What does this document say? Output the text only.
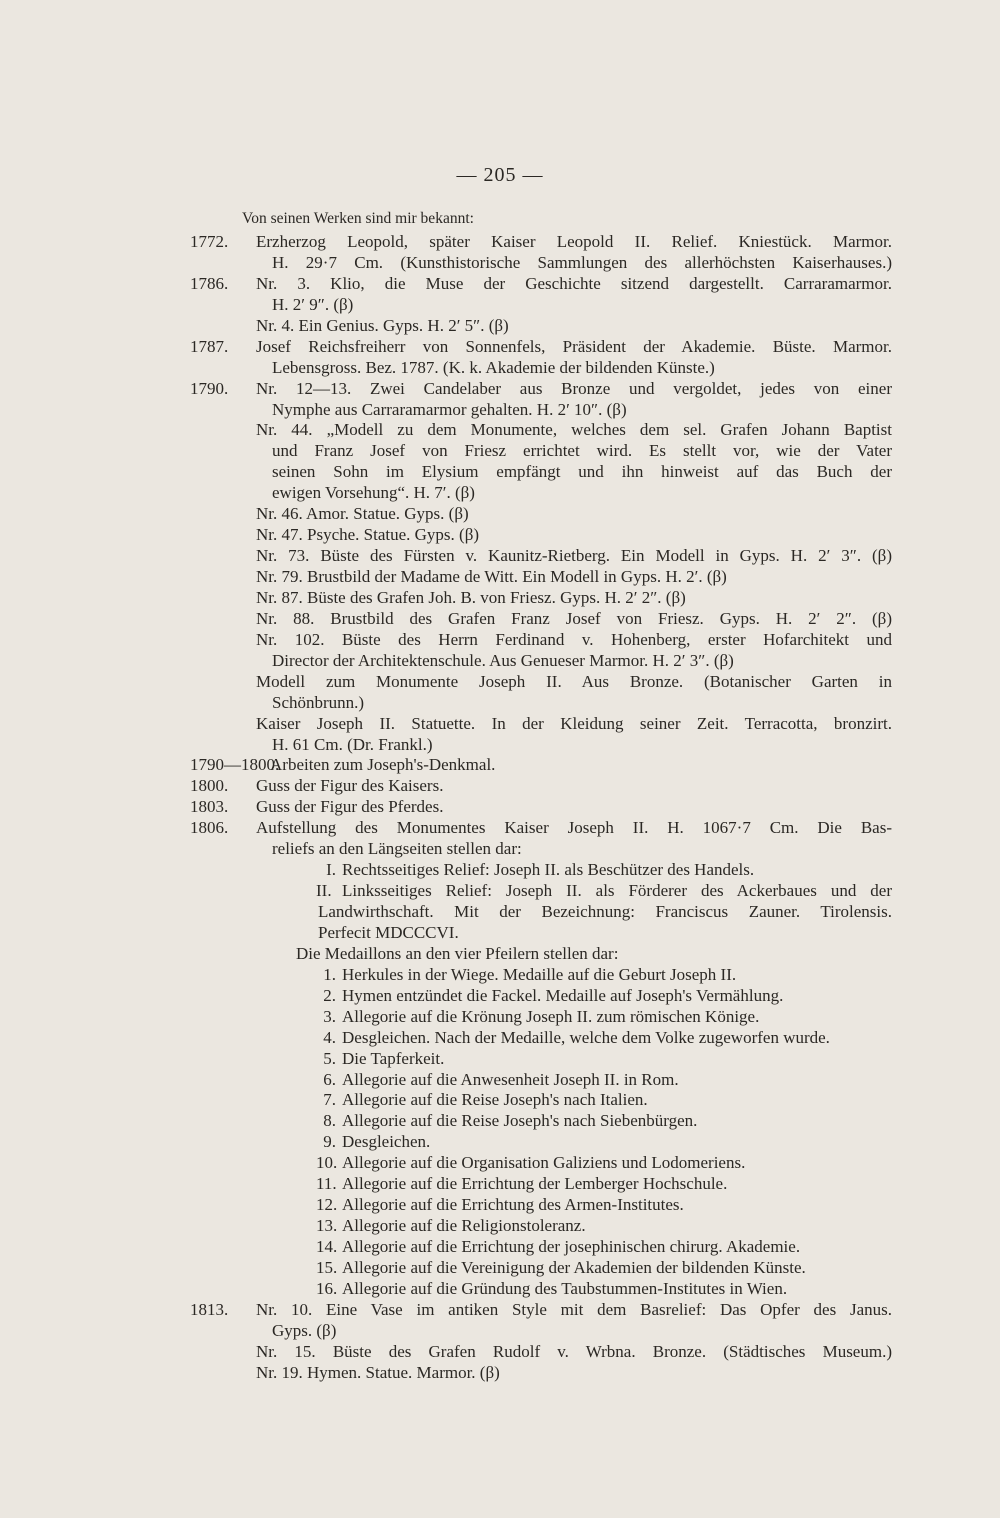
— 205 —
Von seinen Werken sind mir bekannt:
1772. Erzherzog Leopold, später Kaiser Leopold II. Relief. Kniestück. Marmor.
H. 29·7 Cm. (Kunsthistorische Sammlungen des allerhöchsten Kaiserhauses.)
1786. Nr. 3. Klio, die Muse der Geschichte sitzend dargestellt. Carraramarmor.
H. 2′ 9″. (β)
Nr. 4. Ein Genius. Gyps. H. 2′ 5″. (β)
1787. Josef Reichsfreiherr von Sonnenfels, Präsident der Akademie. Büste. Marmor.
Lebensgross. Bez. 1787. (K. k. Akademie der bildenden Künste.)
1790. Nr. 12—13. Zwei Candelaber aus Bronze und vergoldet, jedes von einer
Nymphe aus Carraramarmor gehalten. H. 2′ 10″. (β)
Nr. 44. „Modell zu dem Monumente, welches dem sel. Grafen Johann Baptist
und Franz Josef von Friesz errichtet wird. Es stellt vor, wie der Vater
seinen Sohn im Elysium empfängt und ihn hinweist auf das Buch der
ewigen Vorsehung“. H. 7′. (β)
Nr. 46. Amor. Statue. Gyps. (β)
Nr. 47. Psyche. Statue. Gyps. (β)
Nr. 73. Büste des Fürsten v. Kaunitz-Rietberg. Ein Modell in Gyps. H. 2′ 3″. (β)
Nr. 79. Brustbild der Madame de Witt. Ein Modell in Gyps. H. 2′. (β)
Nr. 87. Büste des Grafen Joh. B. von Friesz. Gyps. H. 2′ 2″. (β)
Nr. 88. Brustbild des Grafen Franz Josef von Friesz. Gyps. H. 2′ 2″. (β)
Nr. 102. Büste des Herrn Ferdinand v. Hohenberg, erster Hofarchitekt und
Director der Architektenschule. Aus Genueser Marmor. H. 2′ 3″. (β)
Modell zum Monumente Joseph II. Aus Bronze. (Botanischer Garten in
Schönbrunn.)
Kaiser Joseph II. Statuette. In der Kleidung seiner Zeit. Terracotta, bronzirt.
H. 61 Cm. (Dr. Frankl.)
1790—1800.
Arbeiten zum Joseph's-Denkmal.
1800. Guss der Figur des Kaisers.
1803. Guss der Figur des Pferdes.
1806. Aufstellung des Monumentes Kaiser Joseph II. H. 1067·7 Cm. Die Bas-
reliefs an den Längseiten stellen dar:
I. Rechtsseitiges Relief: Joseph II. als Beschützer des Handels.
II. Linksseitiges Relief: Joseph II. als Förderer des Ackerbaues und der
Landwirthschaft. Mit der Bezeichnung: Franciscus Zauner. Tirolensis.
Perfecit MDCCCVI.
Die Medaillons an den vier Pfeilern stellen dar:
1. Herkules in der Wiege. Medaille auf die Geburt Joseph II.
2. Hymen entzündet die Fackel. Medaille auf Joseph's Vermählung.
3. Allegorie auf die Krönung Joseph II. zum römischen Könige.
4. Desgleichen. Nach der Medaille, welche dem Volke zugeworfen wurde.
5. Die Tapferkeit.
6. Allegorie auf die Anwesenheit Joseph II. in Rom.
7. Allegorie auf die Reise Joseph's nach Italien.
8. Allegorie auf die Reise Joseph's nach Siebenbürgen.
9. Desgleichen.
10. Allegorie auf die Organisation Galiziens und Lodomeriens.
11. Allegorie auf die Errichtung der Lemberger Hochschule.
12. Allegorie auf die Errichtung des Armen-Institutes.
13. Allegorie auf die Religionstoleranz.
14. Allegorie auf die Errichtung der josephinischen chirurg. Akademie.
15. Allegorie auf die Vereinigung der Akademien der bildenden Künste.
16. Allegorie auf die Gründung des Taubstummen-Institutes in Wien.
1813. Nr. 10. Eine Vase im antiken Style mit dem Basrelief: Das Opfer des Janus.
Gyps. (β)
Nr. 15. Büste des Grafen Rudolf v. Wrbna. Bronze. (Städtisches Museum.)
Nr. 19. Hymen. Statue. Marmor. (β)
